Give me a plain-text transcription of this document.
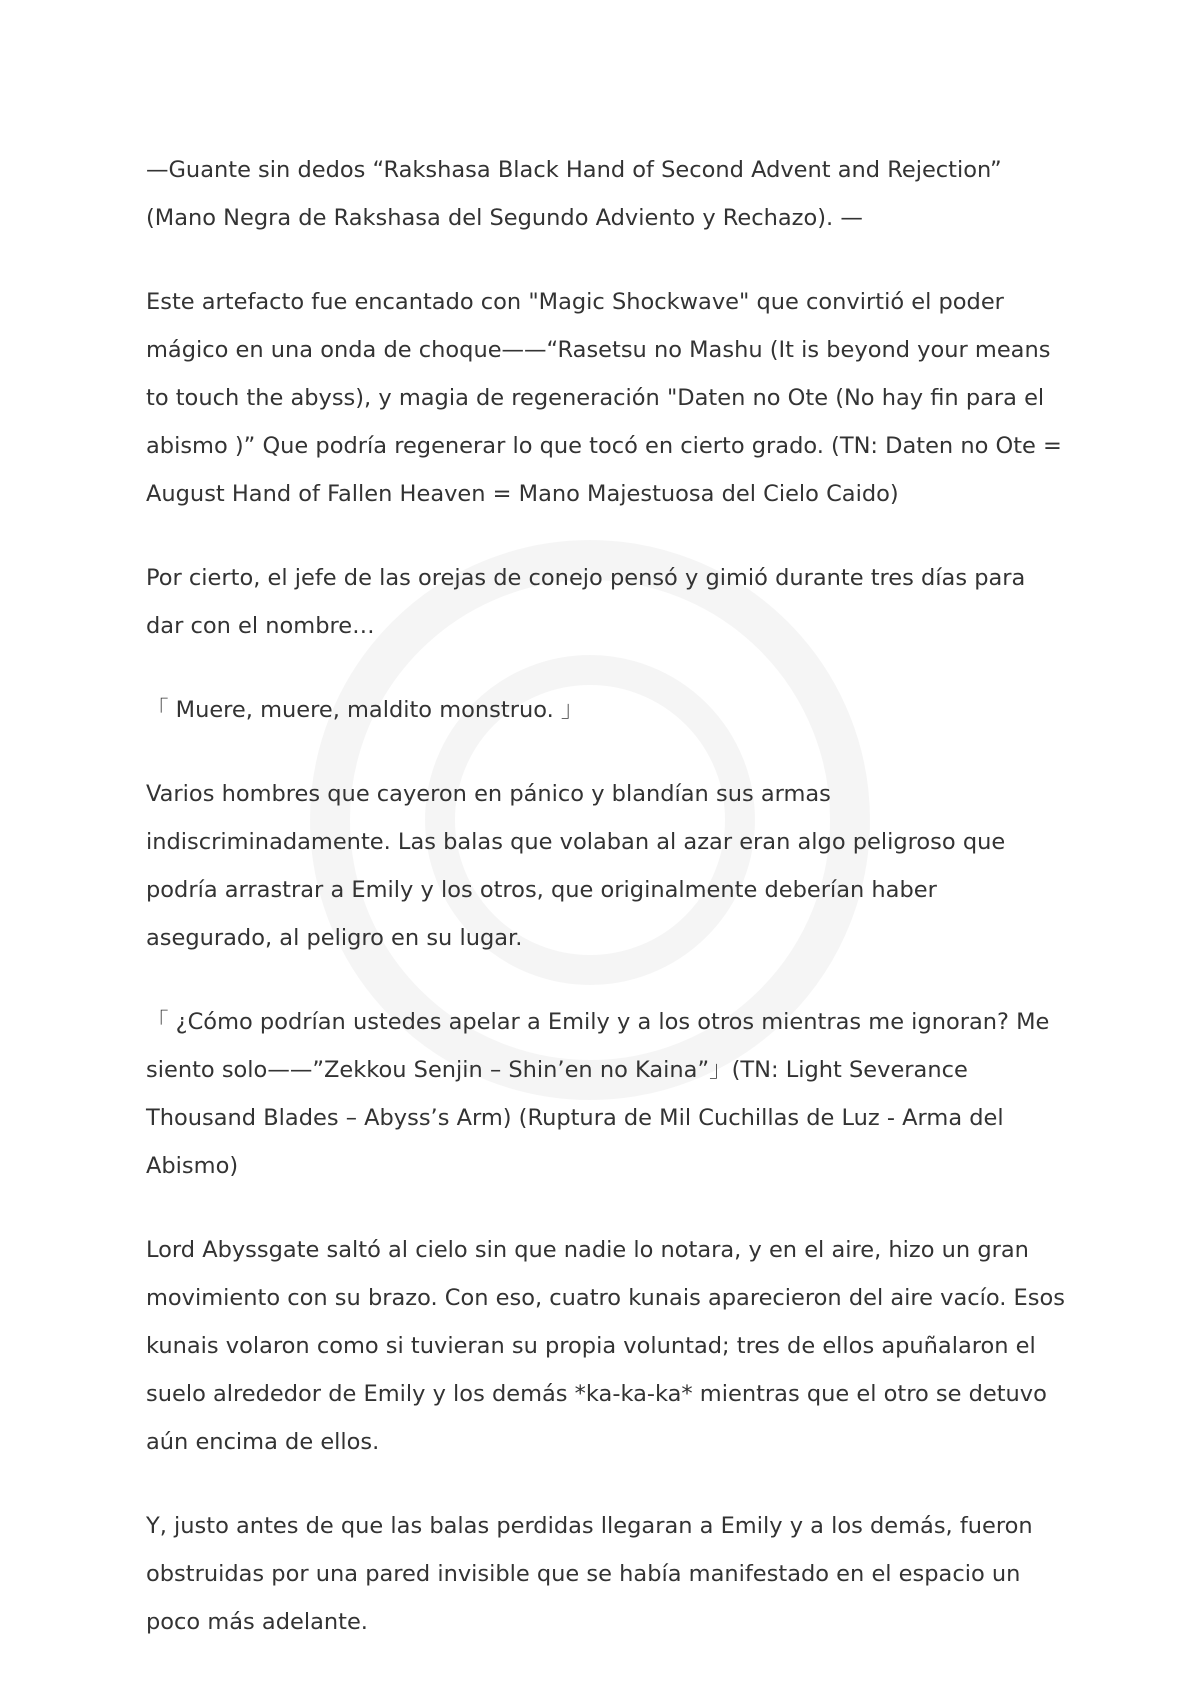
—Guante sin dedos “Rakshasa Black Hand of Second Advent and Rejection” (Mano Negra de Rakshasa del Segundo Adviento y Rechazo). —

Este artefacto fue encantado con "Magic Shockwave" que convirtió el poder mágico en una onda de choque——“Rasetsu no Mashu (It is beyond your means to touch the abyss), y magia de regeneración "Daten no Ote (No hay fin para el abismo )” Que podría regenerar lo que tocó en cierto grado. (TN: Daten no Ote = August Hand of Fallen Heaven = Mano Majestuosa del Cielo Caido)

Por cierto, el jefe de las orejas de conejo pensó y gimió durante tres días para dar con el nombre…

「 Muere, muere, maldito monstruo. 」

Varios hombres que cayeron en pánico y blandían sus armas indiscriminadamente. Las balas que volaban al azar eran algo peligroso que podría arrastrar a Emily y los otros, que originalmente deberían haber asegurado, al peligro en su lugar.

「 ¿Cómo podrían ustedes apelar a Emily y a los otros mientras me ignoran? Me siento solo——”Zekkou Senjin – Shin’en no Kaina”」(TN: Light Severance Thousand Blades – Abyss’s Arm) (Ruptura de Mil Cuchillas de Luz - Arma del Abismo)

Lord Abyssgate saltó al cielo sin que nadie lo notara, y en el aire, hizo un gran movimiento con su brazo. Con eso, cuatro kunais aparecieron del aire vacío. Esos kunais volaron como si tuvieran su propia voluntad; tres de ellos apuñalaron el suelo alrededor de Emily y los demás *ka-ka-ka* mientras que el otro se detuvo aún encima de ellos.

Y, justo antes de que las balas perdidas llegaran a Emily y a los demás, fueron obstruidas por una pared invisible que se había manifestado en el espacio un poco más adelante.
